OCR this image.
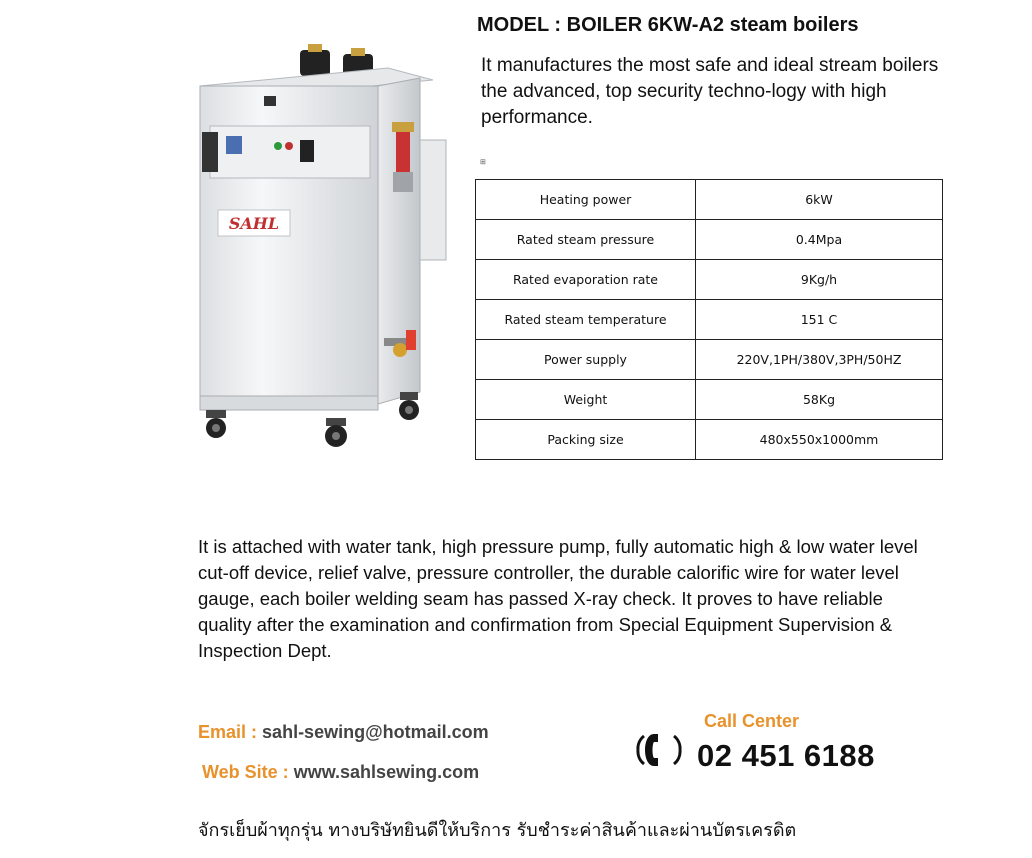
SAHL
MODEL : BOILER 6KW-A2 steam boilers
It manufactures the most safe and ideal stream boilers the advanced, top security techno-logy with high performance.
⊞
Heating power	6kW
Rated steam pressure	0.4Mpa
Rated evaporation rate	9Kg/h
Rated steam temperature	151 C
Power supply	220V,1PH/380V,3PH/50HZ
Weight	58Kg
Packing size	480x550x1000mm
It is attached with water tank, high pressure pump, fully automatic high & low water level cut-off device, relief valve, pressure controller, the durable calorific wire for water level gauge, each boiler welding seam has passed X-ray check. It proves to have reliable quality after the examination and confirmation from Special Equipment Supervision & Inspection Dept.
Email : sahl-sewing@hotmail.com
Web Site : www.sahlsewing.com
Call Center
02 451 6188
จักรเย็บผ้าทุกรุ่น ทางบริษัทยินดีให้บริการ รับชำระค่าสินค้าและผ่านบัตรเครดิต
